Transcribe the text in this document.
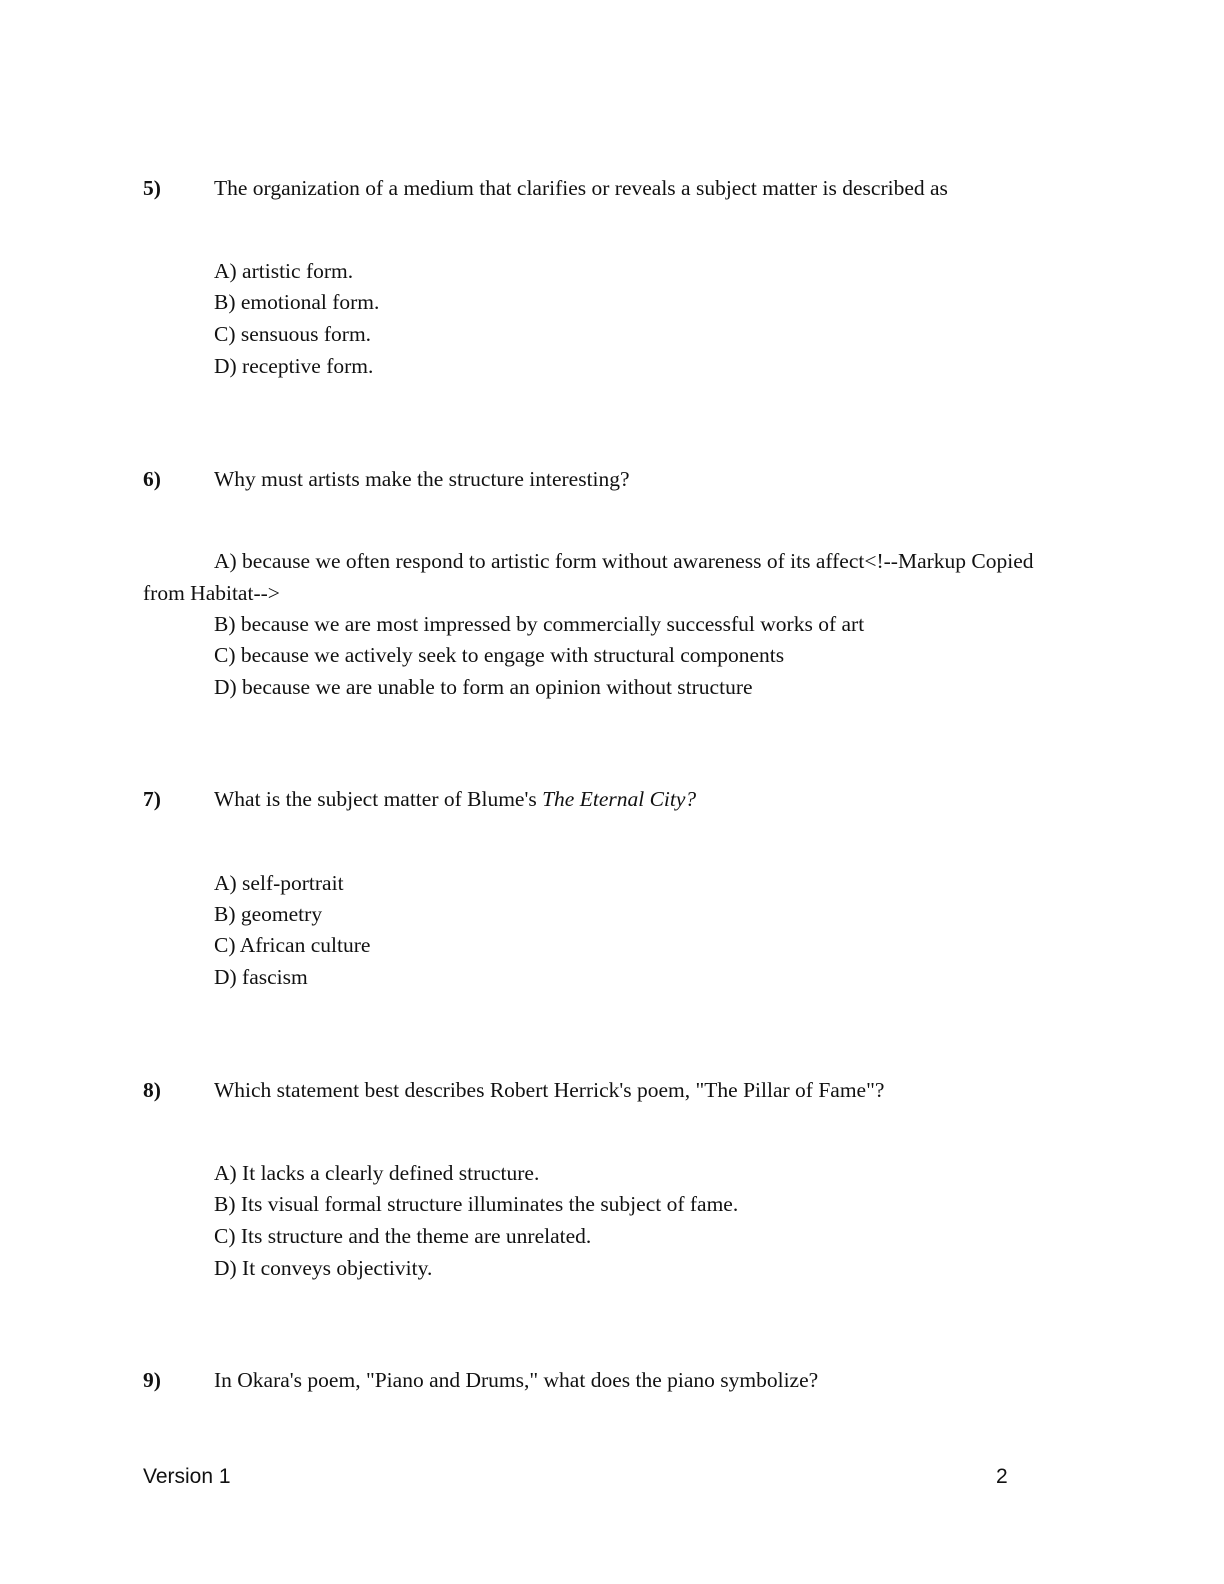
5) The organization of a medium that clarifies or reveals a subject matter is described as
A) artistic form.
B) emotional form.
C) sensuous form.
D) receptive form.
6) Why must artists make the structure interesting?
A) because we often respond to artistic form without awareness of its affect<!--Markup Copied from Habitat-->
B) because we are most impressed by commercially successful works of art
C) because we actively seek to engage with structural components
D) because we are unable to form an opinion without structure
7) What is the subject matter of Blume's The Eternal City?
A) self-portrait
B) geometry
C) African culture
D) fascism
8) Which statement best describes Robert Herrick's poem, "The Pillar of Fame"?
A) It lacks a clearly defined structure.
B) Its visual formal structure illuminates the subject of fame.
C) Its structure and the theme are unrelated.
D) It conveys objectivity.
9) In Okara's poem, "Piano and Drums," what does the piano symbolize?
Version 1	2
